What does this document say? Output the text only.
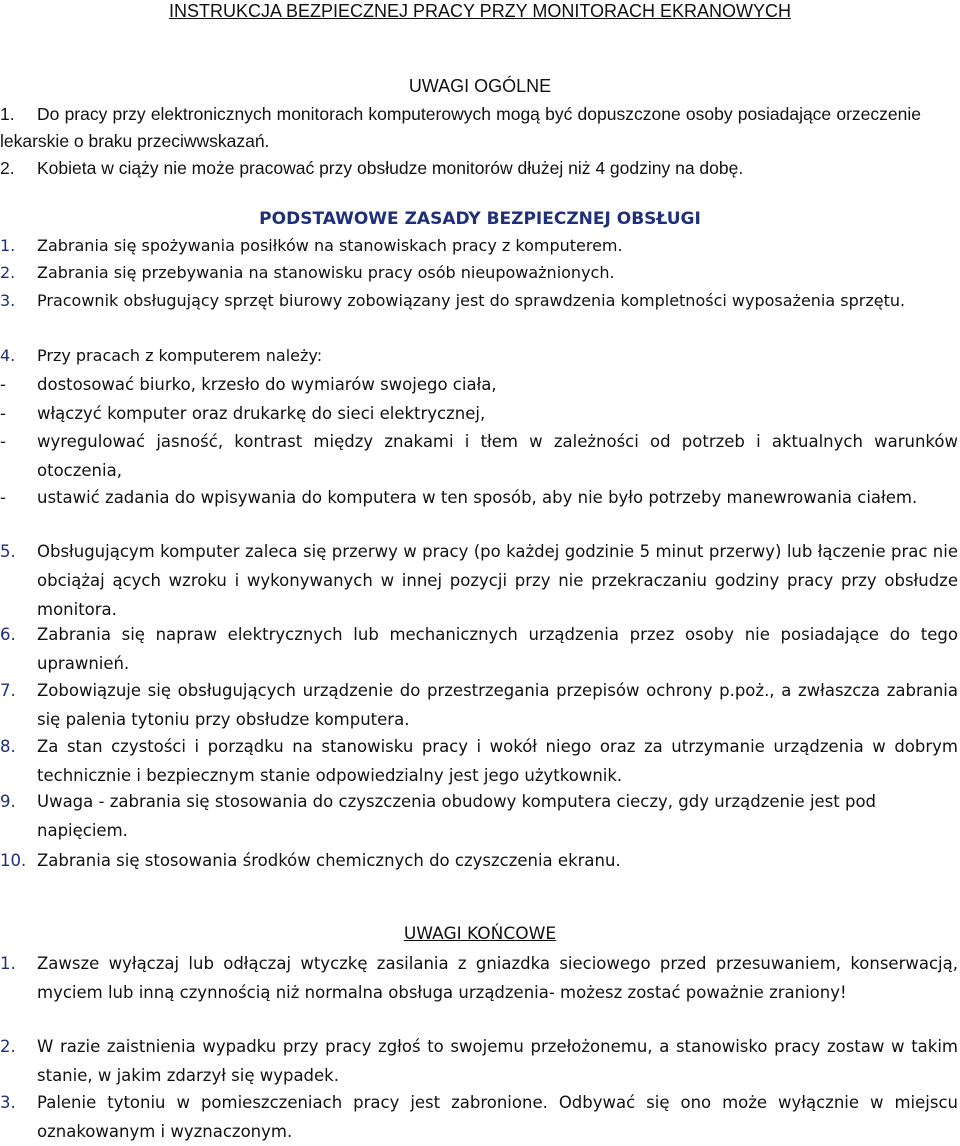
INSTRUKCJA BEZPIECZNEJ PRACY PRZY MONITORACH EKRANOWYCH
UWAGI OGÓLNE
1.	Do pracy przy elektronicznych monitorach komputerowych mogą być dopuszczone osoby posiadające orzeczenie lekarskie o braku przeciwwskazań.
2. Kobieta w ciąży nie może pracować przy obsłudze monitorów dłużej niż 4 godziny na dobę.
PODSTAWOWE ZASADY BEZPIECZNEJ OBSŁUGI
1. Zabrania się spożywania posiłków na stanowiskach pracy z komputerem.
2. Zabrania się przebywania na stanowisku pracy osób nieupoważnionych.
3. Pracownik obsługujący sprzęt biurowy zobowiązany jest do sprawdzenia kompletności wyposażenia sprzętu.
4. Przy pracach z komputerem należy:
- dostosować biurko, krzesło do wymiarów swojego ciała,
- włączyć komputer oraz drukarkę do sieci elektrycznej,
- wyregulować jasność, kontrast między znakami i tłem w zależności od potrzeb i aktualnych warunków otoczenia,
- ustawić zadania do wpisywania do komputera w ten sposób, aby nie było potrzeby manewrowania ciałem.
5. Obsługującym komputer zaleca się przerwy w pracy (po każdej godzinie 5 minut przerwy) lub łączenie prac nie obciążaj ących wzroku i wykonywanych w innej pozycji przy nie przekraczaniu godziny pracy przy obsłudze monitora.
6. Zabrania się napraw elektrycznych lub mechanicznych urządzenia przez osoby nie posiadające do tego uprawnień.
7. Zobowiązuje się obsługujących urządzenie do przestrzegania przepisów ochrony p.poż., a zwłaszcza zabrania się palenia tytoniu przy obsłudze komputera.
8. Za stan czystości i porządku na stanowisku pracy i wokół niego oraz za utrzymanie urządzenia w dobrym technicznie i bezpiecznym stanie odpowiedzialny jest jego użytkownik.
9. Uwaga - zabrania się stosowania do czyszczenia obudowy komputera cieczy, gdy urządzenie jest pod napięciem.
10. Zabrania się stosowania środków chemicznych do czyszczenia ekranu.
UWAGI KOŃCOWE
1. Zawsze wyłączaj lub odłączaj wtyczkę zasilania z gniazdka sieciowego przed przesuwaniem, konserwacją, myciem lub inną czynnością niż normalna obsługa urządzenia- możesz zostać poważnie zraniony!
2. W razie zaistnienia wypadku przy pracy zgłoś to swojemu przełożonemu, a stanowisko pracy zostaw w takim stanie, w jakim zdarzył się wypadek.
3. Palenie tytoniu w pomieszczeniach pracy jest zabronione. Odbywać się ono może wyłącznie w miejscu oznakowanym i wyznaczonym.
